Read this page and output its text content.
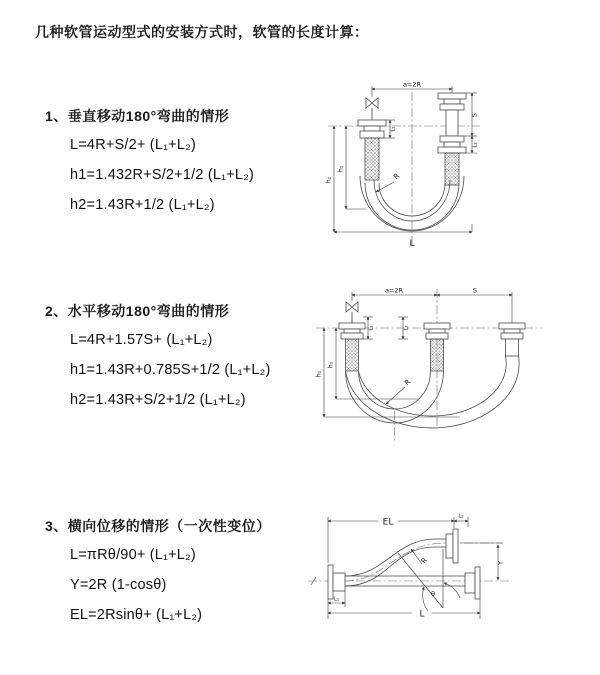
几种软管运动型式的安装方式时，软管的长度计算：
1、垂直移动180°弯曲的情形
L=4R+S/2+ (L₁+L₂)
h1=1.432R+S/2+1/2 (L₁+L₂)
h2=1.43R+1/2 (L₁+L₂)
2、水平移动180°弯曲的情形
L=4R+1.57S+ (L₁+L₂)
h1=1.43R+0.785S+1/2 (L₁+L₂)
h2=1.43R+S/2+1/2 (L₁+L₂)
3、横向位移的情形（一次性变位）
L=πRθ/90+ (L₁+L₂)
Y=2R (1-cosθ)
EL=2Rsinθ+ (L₁+L₂)
a=2R
h₂
h₁
L₁
S
L₂
R
L
a=2R	S
h₂
h₁
L₁	L₂
R
θ
EL
L₂
Y
R
L₁
L
